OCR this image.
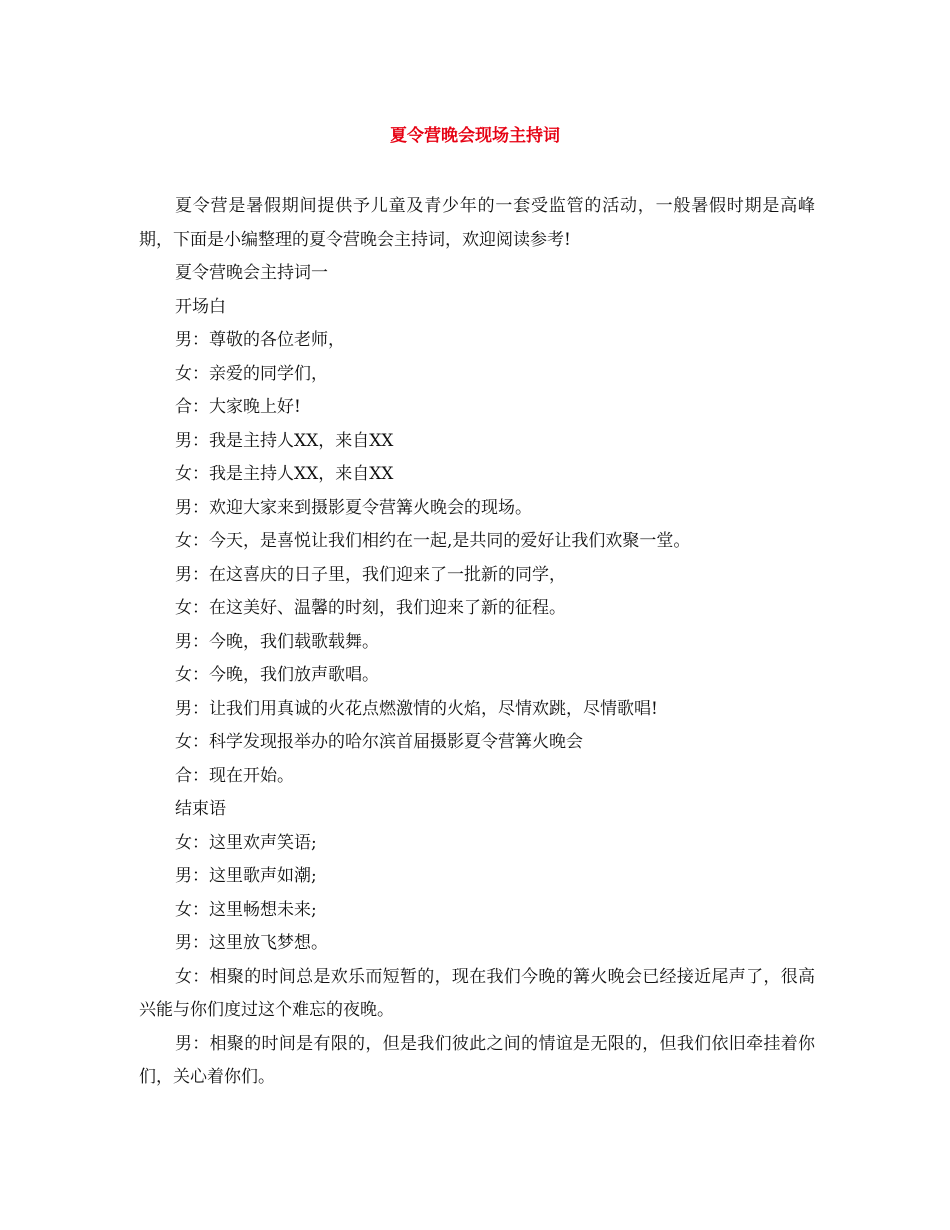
夏令营晚会现场主持词

夏令营是暑假期间提供予儿童及青少年的一套受监管的活动，一般暑假时期是高峰期，下面是小编整理的夏令营晚会主持词，欢迎阅读参考!

夏令营晚会主持词一

开场白

男：尊敬的各位老师，

女：亲爱的同学们，

合：大家晚上好!

男：我是主持人XX，来自XX

女：我是主持人XX，来自XX

男：欢迎大家来到摄影夏令营篝火晚会的现场。

女：今天，是喜悦让我们相约在一起,是共同的爱好让我们欢聚一堂。

男：在这喜庆的日子里，我们迎来了一批新的同学，

女：在这美好、温馨的时刻，我们迎来了新的征程。

男：今晚，我们载歌载舞。

女：今晚，我们放声歌唱。

男：让我们用真诚的火花点燃激情的火焰，尽情欢跳，尽情歌唱!

女：科学发现报举办的哈尔滨首届摄影夏令营篝火晚会

合：现在开始。

结束语

女：这里欢声笑语;

男：这里歌声如潮;

女：这里畅想未来;

男：这里放飞梦想。

女：相聚的时间总是欢乐而短暂的，现在我们今晚的篝火晚会已经接近尾声了，很高兴能与你们度过这个难忘的夜晚。

男：相聚的时间是有限的，但是我们彼此之间的情谊是无限的，但我们依旧牵挂着你们，关心着你们。
